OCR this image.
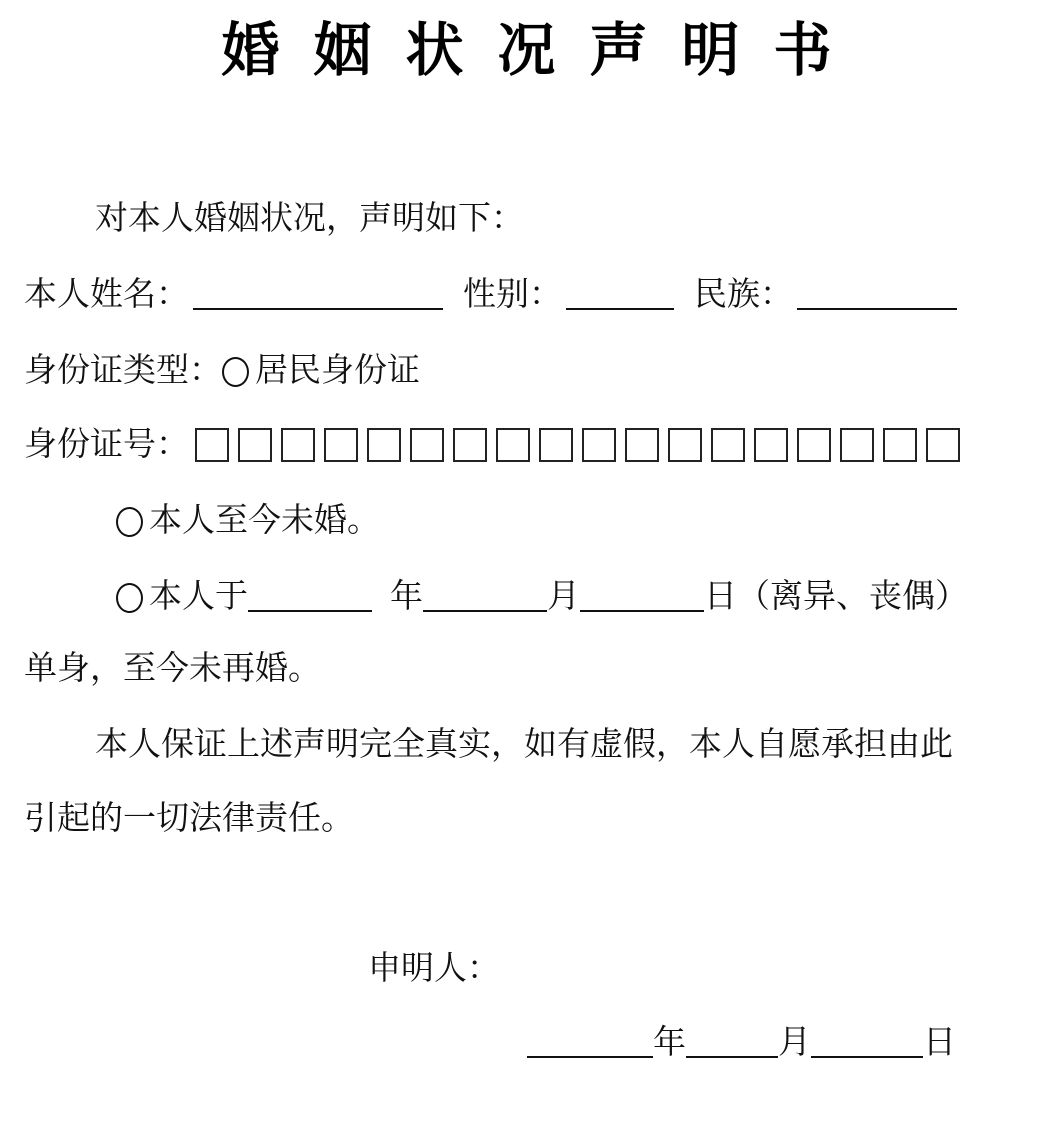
婚姻状况声明书
对本人婚姻状况，声明如下：
本人姓名：	性别：	民族：
身份证类型： 居民身份证
身份证号：
本人至今未婚。
本人于	年	月	日 （离异、丧偶）
单身，至今未再婚。
本人保证上述声明完全真实，如有虚假，本人自愿承担由此
引起的一切法律责任。
申明人：
年	月	日
